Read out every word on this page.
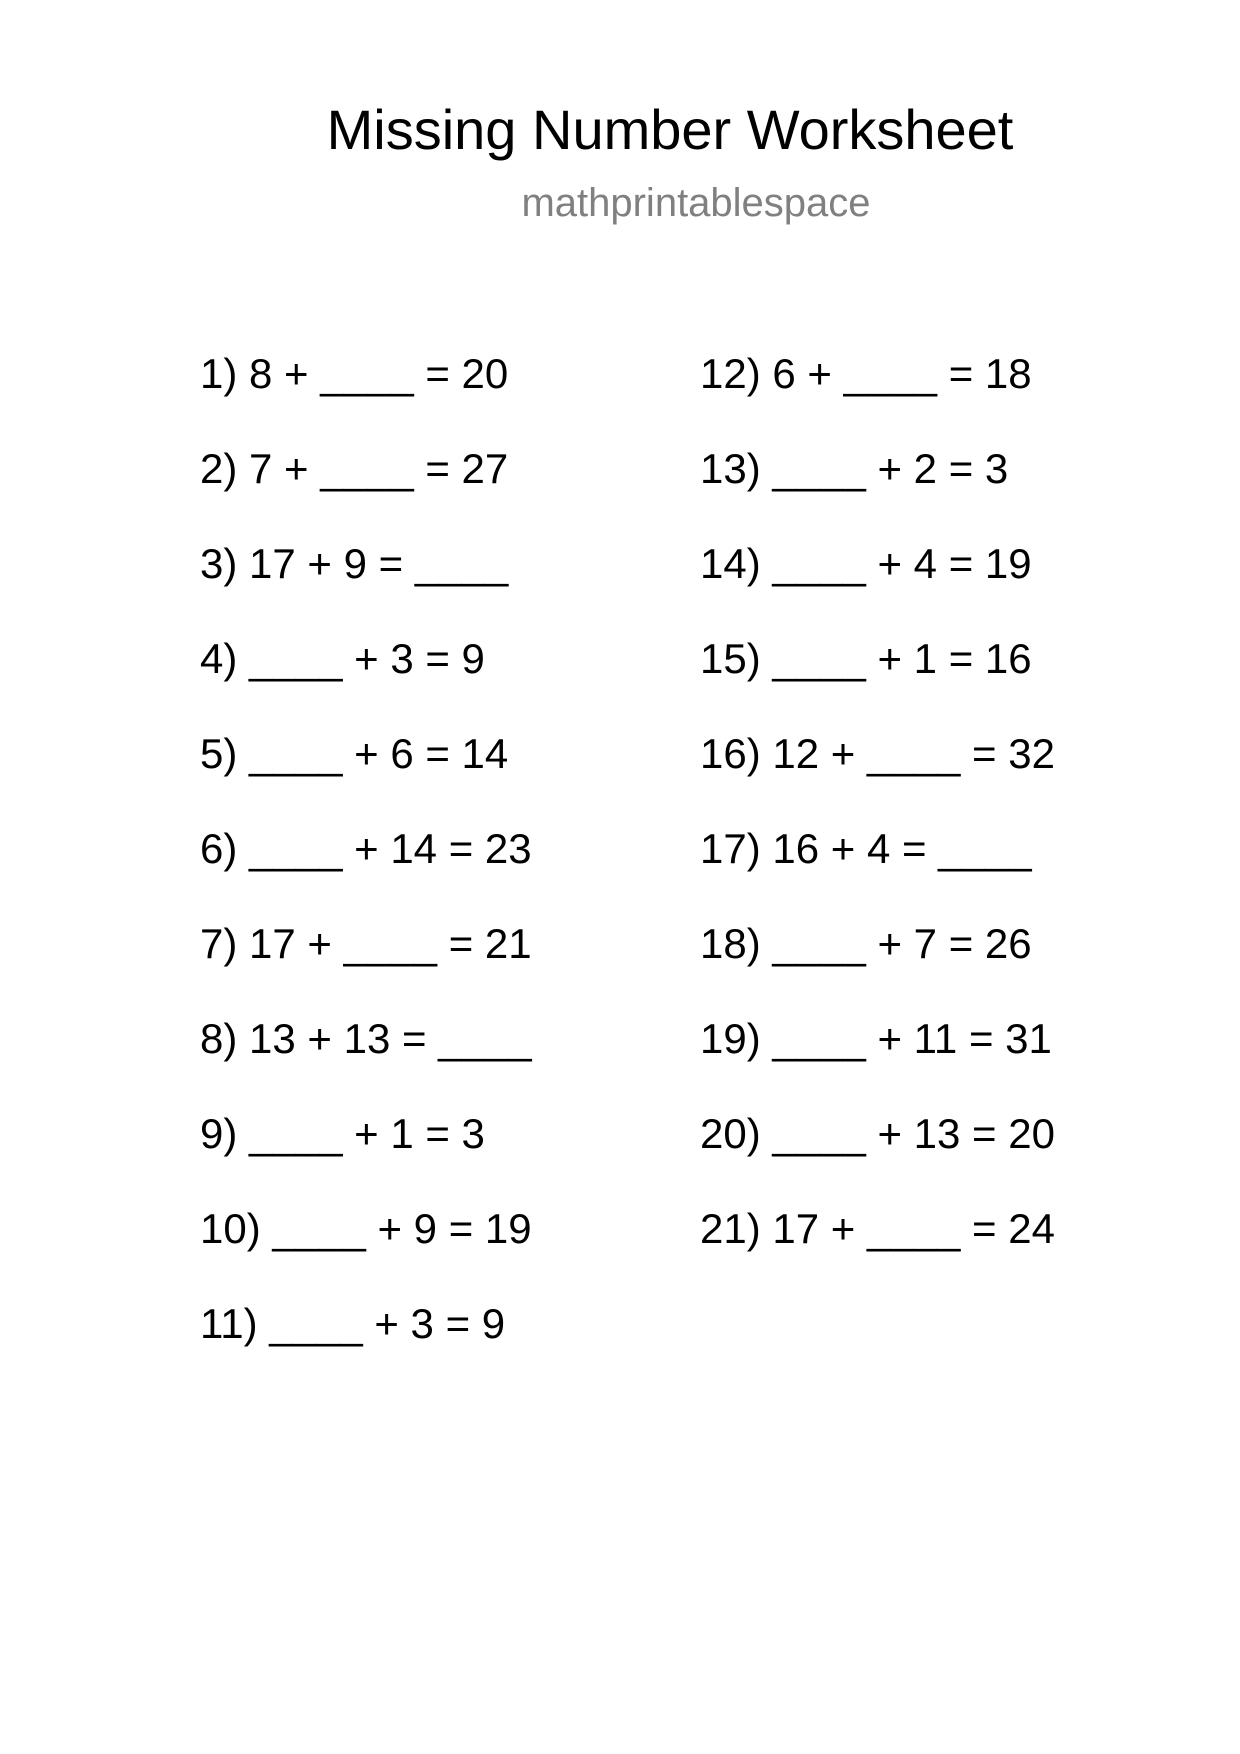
Missing Number Worksheet
mathprintablespace
1) 8 + ____ = 20
2) 7 + ____ = 27
3) 17 + 9 = ____
4) ____ + 3 = 9
5) ____ + 6 = 14
6) ____ + 14 = 23
7) 17 + ____ = 21
8) 13 + 13 = ____
9) ____ + 1 = 3
10) ____ + 9 = 19
11) ____ + 3 = 9
12) 6 + ____ = 18
13) ____ + 2 = 3
14) ____ + 4 = 19
15) ____ + 1 = 16
16) 12 + ____ = 32
17) 16 + 4 = ____
18) ____ + 7 = 26
19) ____ + 11 = 31
20) ____ + 13 = 20
21) 17 + ____ = 24
